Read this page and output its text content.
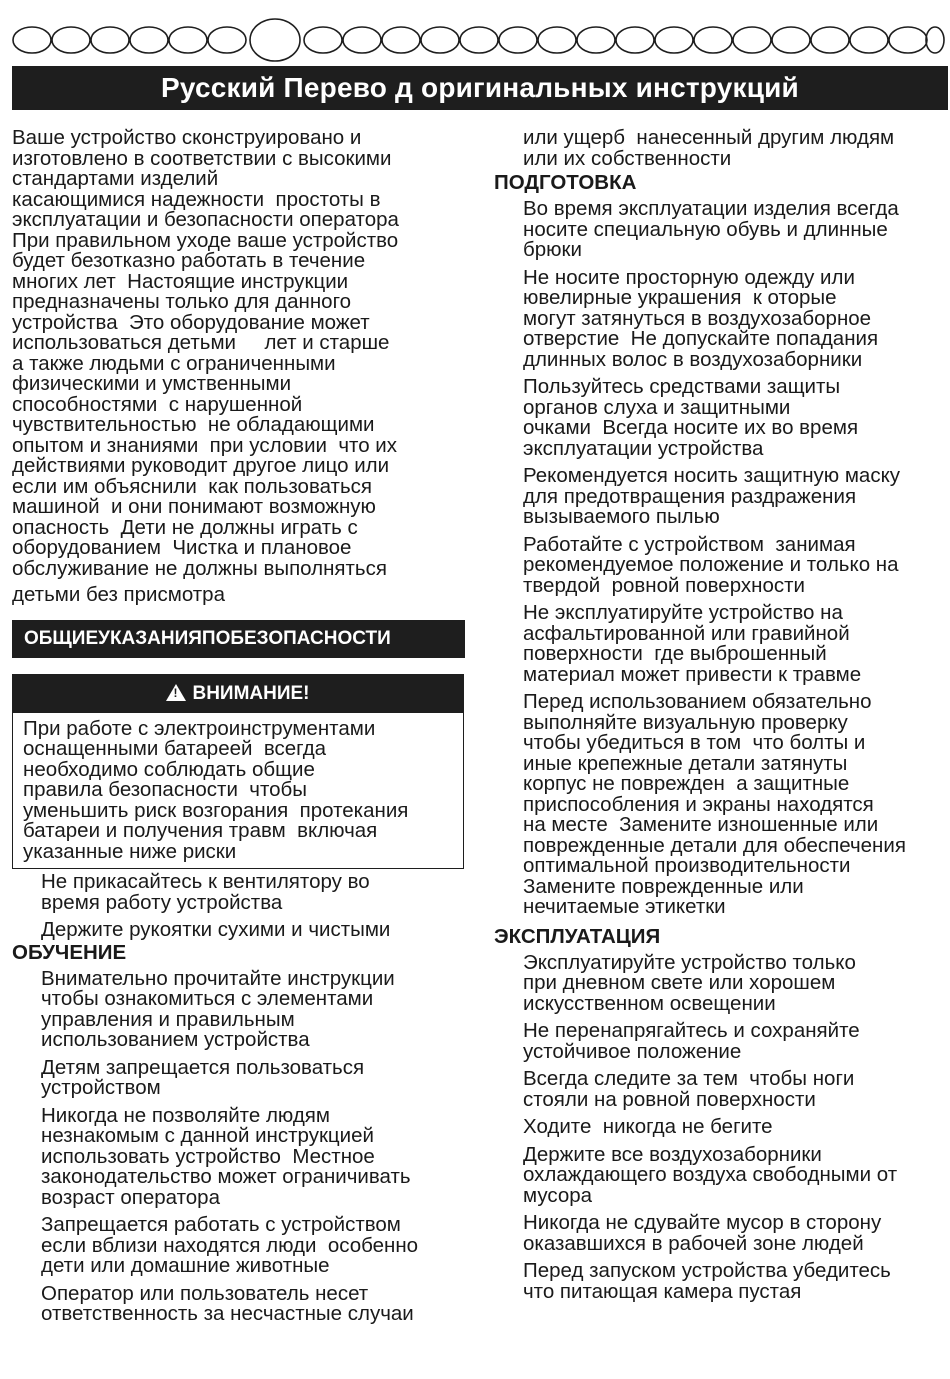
Русский Перево д оригинальных инструкций
Ваше устройство сконструировано и
изготовлено в соответствии с высокими
стандартами изделий
касающимися надежности  простоты в
эксплуатации и безопасности оператора
При правильном уходе ваше устройство
будет безотказно работать в течение
многих лет  Настоящие инструкции
предназначены только для данного
устройства  Это оборудование может
использоваться детьми     лет и старше
а также людьми с ограниченными
физическими и умственными
способностями  с нарушенной
чувствительностью  не обладающими
опытом и знаниями  при условии  что их
действиями руководит другое лицо или
если им объяснили  как пользоваться
машиной  и они понимают возможную
опасность  Дети не должны играть с
оборудованием  Чистка и плановое
обслуживание не должны выполняться
детьми без присмотра
ОБЩИЕУКАЗАНИЯПОБЕЗОПАСНОСТИ
!ВНИМАНИЕ!
При работе с электроинструментами
оснащенными батареей  всегда
необходимо соблюдать общие
правила безопасности  чтобы
уменьшить риск возгорания  протекания
батареи и получения травм  включая
указанные ниже риски
Не прикасайтесь к вентилятору во
время работу устройства
Держите рукоятки сухими и чистыми
ОБУЧЕНИЕ
Внимательно прочитайте инструкции
чтобы ознакомиться с элементами
управления и правильным
использованием устройства
Детям запрещается пользоваться
устройством
Никогда не позволяйте людям
незнакомым с данной инструкцией
использовать устройство  Местное
законодательство может ограничивать
возраст оператора
Запрещается работать с устройством
если вблизи находятся люди  особенно
дети или домашние животные
Оператор или пользователь несет
ответственность за несчастные случаи
или ущерб  нанесенный другим людям
или их собственности
ПОДГОТОВКА
Во время эксплуатации изделия всегда
носите специальную обувь и длинные
брюки
Не носите просторную одежду или
ювелирные украшения  к оторые
могут затянуться в воздухозаборное
отверстие  Не допускайте попадания
длинных волос в воздухозаборники
Пользуйтесь средствами защиты
органов слуха и защитными
очками  Всегда носите их во время
эксплуатации устройства
Рекомендуется носить защитную маску
для предотвращения раздражения
вызываемого пылью
Работайте с устройством  занимая
рекомендуемое положение и только на
твердой  ровной поверхности
Не эксплуатируйте устройство на
асфальтированной или гравийной
поверхности  где выброшенный
материал может привести к травме
Перед использованием обязательно
выполняйте визуальную проверку
чтобы убедиться в том  что болты и
иные крепежные детали затянуты
корпус не поврежден  а защитные
приспособления и экраны находятся
на месте  Замените изношенные или
поврежденные детали для обеспечения
оптимальной производительности
Замените поврежденные или
нечитаемые этикетки
ЭКСПЛУАТАЦИЯ
Эксплуатируйте устройство только
при дневном свете или хорошем
искусственном освещении
Не перенапрягайтесь и сохраняйте
устойчивое положение
Всегда следите за тем  чтобы ноги
стояли на ровной поверхности
Ходите  никогда не бегите
Держите все воздухозаборники
охлаждающего воздуха свободными от
мусора
Никогда не сдувайте мусор в сторону
оказавшихся в рабочей зоне людей
Перед запуском устройства убедитесь
что питающая камера пустая
